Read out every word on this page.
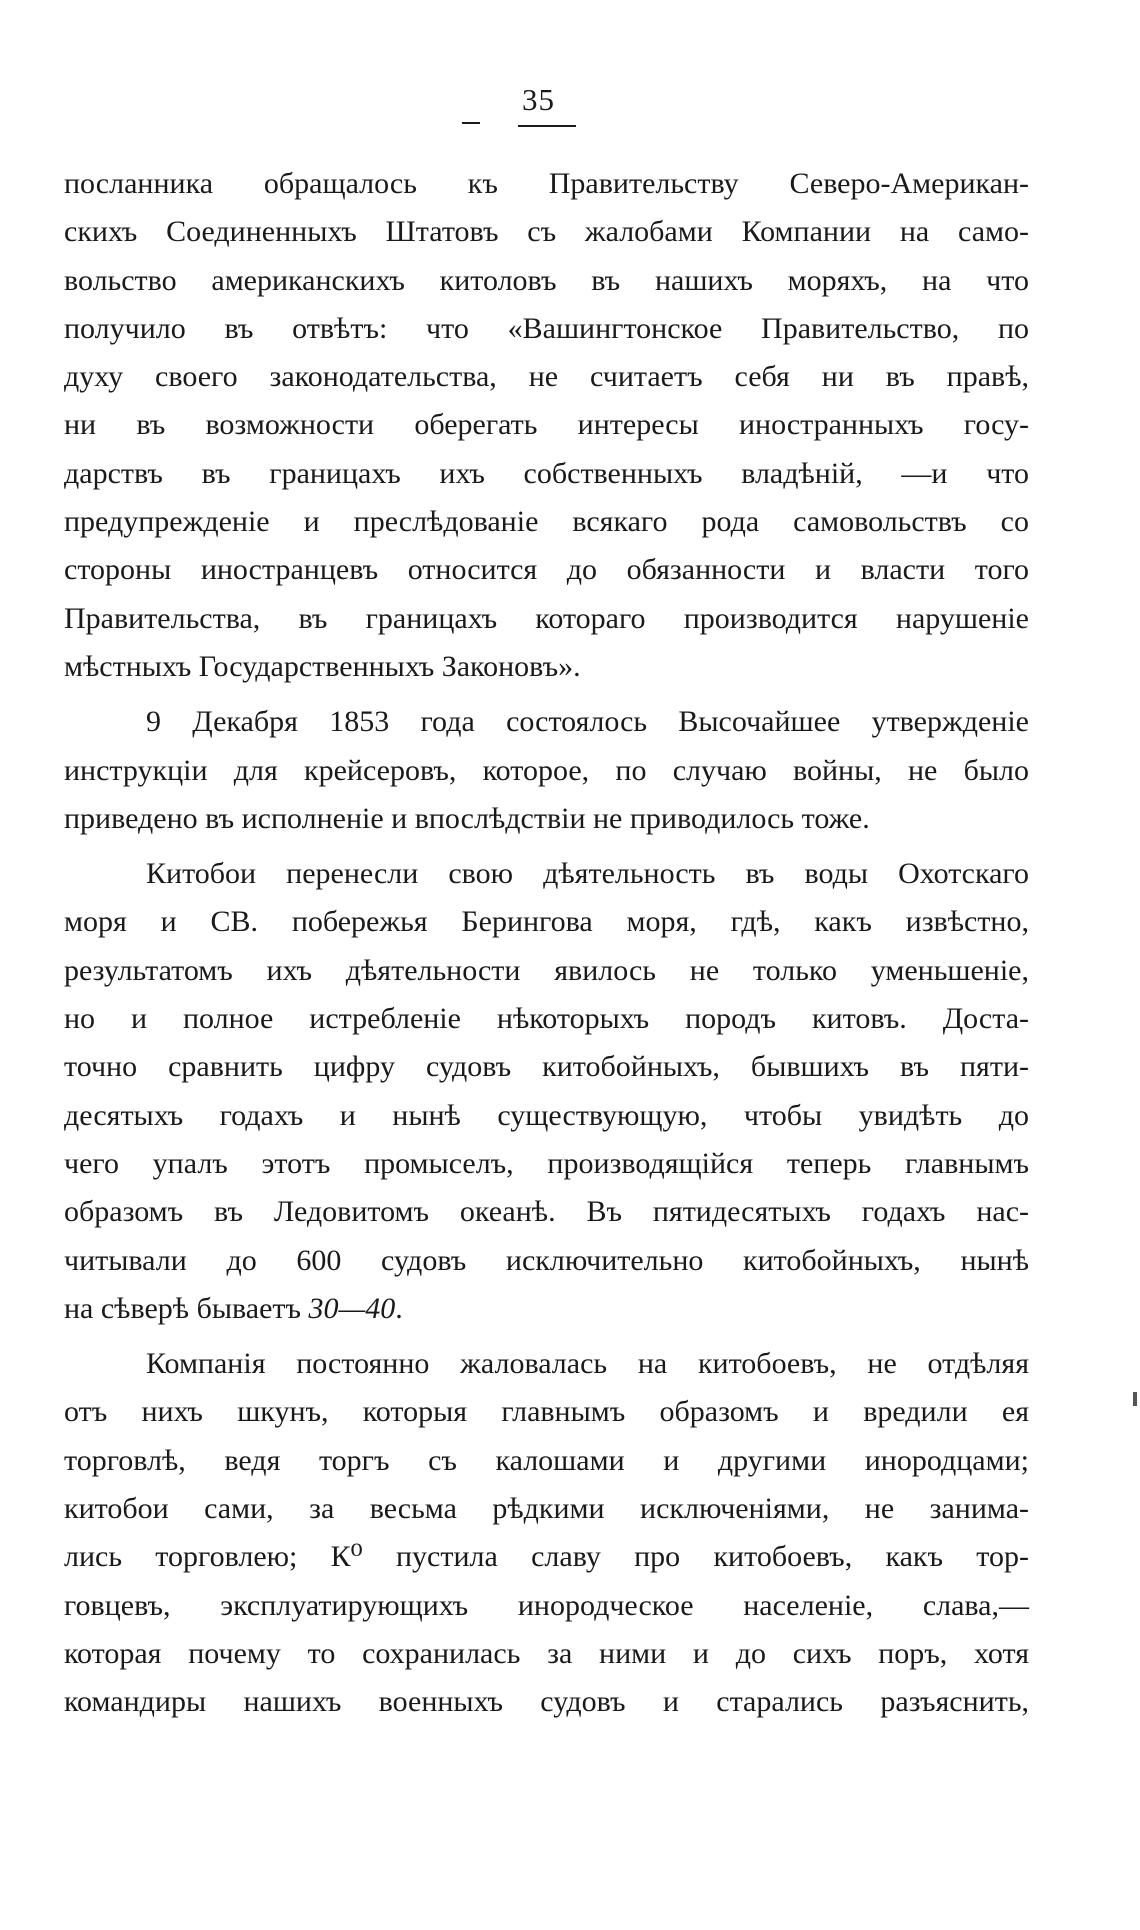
35
посланника обращалось къ Правительству Северо-Американ-
скихъ Соединенныхъ Штатовъ съ жалобами Компании на само-
вольство американскихъ китоловъ въ нашихъ моряхъ, на что
получило въ отвѣтъ: что «Вашингтонское Правительство, по
духу своего законодательства, не считаетъ себя ни въ правѣ,
ни въ возможности оберегать интересы иностранныхъ госу-
дарствъ въ границахъ ихъ собственныхъ владѣній, —и что
предупрежденіе и преслѣдованіе всякаго рода самовольствъ со
стороны иностранцевъ относится до обязанности и власти того
Правительства, въ границахъ котораго производится нарушеніе
мѣстныхъ Государственныхъ Законовъ».
9 Декабря 1853 года состоялось Высочайшее утвержденіе
инструкціи для крейсеровъ, которое, по случаю войны, не было
приведено въ исполненіе и впослѣдствіи не приводилось тоже.
Китобои перенесли свою дѣятельность въ воды Охотскаго
моря и СВ. побережья Берингова моря, гдѣ, какъ извѣстно,
результатомъ ихъ дѣятельности явилось не только уменьшеніе,
но и полное истребленіе нѣкоторыхъ породъ китовъ. Доста-
точно сравнить цифру судовъ китобойныхъ, бывшихъ въ пяти-
десятыхъ годахъ и нынѣ существующую, чтобы увидѣть до
чего упалъ этотъ промыселъ, производящійся теперь главнымъ
образомъ въ Ледовитомъ океанѣ. Въ пятидесятыхъ годахъ нас-
читывали до 600 судовъ исключительно китобойныхъ, нынѣ
на сѣверѣ бываетъ 30—40.
Компанія постоянно жаловалась на китобоевъ, не отдѣляя
отъ нихъ шкунъ, которыя главнымъ образомъ и вредили ея
торговлѣ, ведя торгъ съ калошами и другими инородцами;
китобои сами, за весьма рѣдкими исключеніями, не занима-
лись торговлею; К⁰ пустила славу про китобоевъ, какъ тор-
говцевъ, эксплуатирующихъ инородческое населеніе, слава,—
которая почему то сохранилась за ними и до сихъ поръ, хотя
командиры нашихъ военныхъ судовъ и старались разъяснить,
